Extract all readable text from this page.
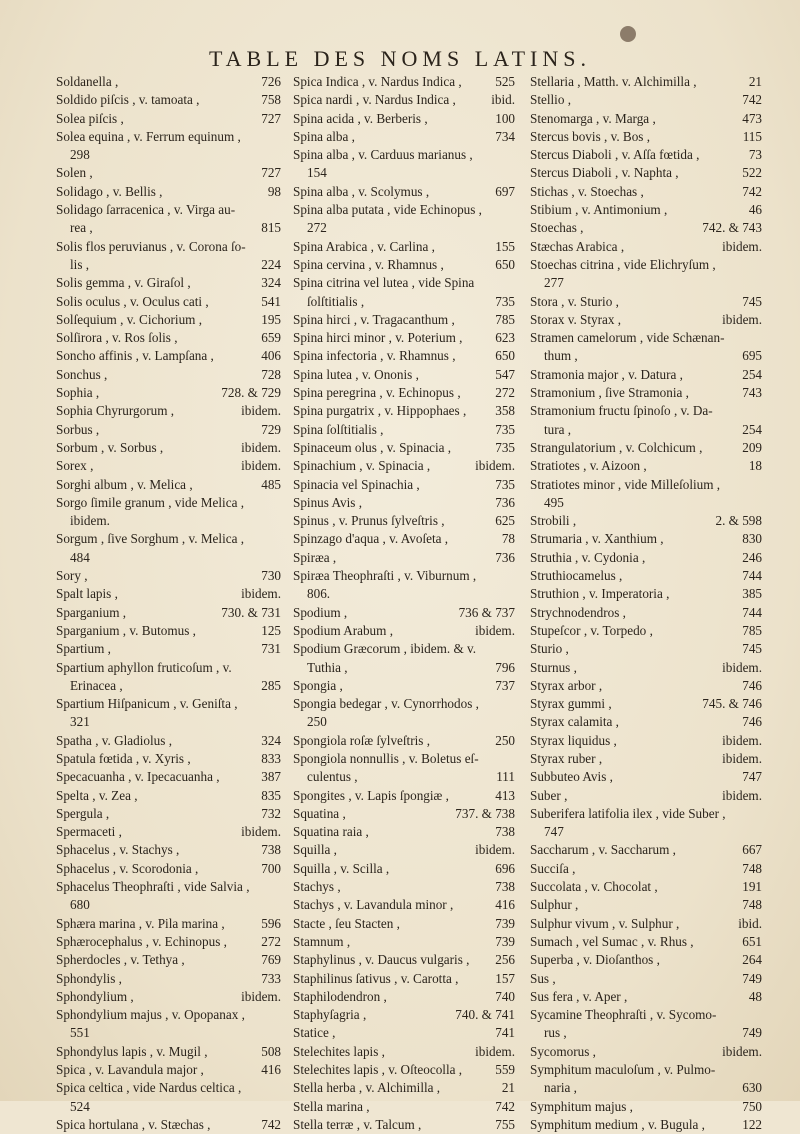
TABLE DES NOMS LATINS.
726
Soldanella ,
758
Soldido piſcis , v. tamoata ,
727
Solea piſcis ,
Solea equina , v. Ferrum equinum ,
298
727
Solen ,
98
Solidago , v. Bellis ,
Solidago ſarracenica , v. Virga au-
815
rea ,
Solis flos peruvianus , v. Corona ſo-
224
lis ,
324
Solis gemma , v. Giraſol ,
541
Solis oculus , v. Oculus cati ,
195
Solſequium , v. Cichorium ,
659
Solſirora , v. Ros ſolis ,
406
Soncho affinis , v. Lampſana ,
728
Sonchus ,
728. & 729
Sophia ,
ibidem.
Sophia Chyrurgorum ,
729
Sorbus ,
ibidem.
Sorbum , v. Sorbus ,
ibidem.
Sorex ,
485
Sorghi album , v. Melica ,
Sorgo ſimile granum , vide Melica ,
ibidem.
Sorgum , ſive Sorghum , v. Melica ,
484
730
Sory ,
ibidem.
Spalt lapis ,
730. & 731
Sparganium ,
125
Sparganium , v. Butomus ,
731
Spartium ,
Spartium aphyllon fruticoſum , v.
285
Erinacea ,
Spartium Hiſpanicum , v. Geniſta ,
321
324
Spatha , v. Gladiolus ,
833
Spatula fœtida , v. Xyris ,
387
Specacuanha , v. Ipecacuanha ,
835
Spelta , v. Zea ,
732
Spergula ,
ibidem.
Spermaceti ,
738
Sphacelus , v. Stachys ,
700
Sphacelus , v. Scorodonia ,
Sphacelus Theophraſti , vide Salvia ,
680
596
Sphæra marina , v. Pila marina ,
272
Sphærocephalus , v. Echinopus ,
769
Spherdocles , v. Tethya ,
733
Sphondylis ,
ibidem.
Sphondylium ,
Sphondylium majus , v. Opopanax ,
551
508
Sphondylus lapis , v. Mugil ,
416
Spica , v. Lavandula major ,
Spica celtica , vide Nardus celtica ,
524
742
Spica hortulana , v. Stæchas ,
525
Spica Indica , v. Nardus Indica ,
ibid.
Spica nardi , v. Nardus Indica ,
100
Spina acida , v. Berberis ,
734
Spina alba ,
Spina alba , v. Carduus marianus ,
154
697
Spina alba , v. Scolymus ,
Spina alba putata , vide Echinopus ,
272
155
Spina Arabica , v. Carlina ,
650
Spina cervina , v. Rhamnus ,
Spina citrina vel lutea , vide Spina
735
ſolſtitialis ,
785
Spina hirci , v. Tragacanthum ,
623
Spina hirci minor , v. Poterium ,
650
Spina infectoria , v. Rhamnus ,
547
Spina lutea , v. Ononis ,
272
Spina peregrina , v. Echinopus ,
358
Spina purgatrix , v. Hippophaes ,
735
Spina ſolſtitialis ,
735
Spinaceum olus , v. Spinacia ,
ibidem.
Spinachium , v. Spinacia ,
735
Spinacia vel Spinachia ,
736
Spinus Avis ,
625
Spinus , v. Prunus ſylveſtris ,
78
Spinzago d'aqua , v. Avoſeta ,
736
Spiræa ,
Spiræa Theophraſti , v. Viburnum ,
806.
736 & 737
Spodium ,
ibidem.
Spodium Arabum ,
Spodium Græcorum , ibidem. & v.
796
Tuthia ,
737
Spongia ,
Spongia bedegar , v. Cynorrhodos ,
250
250
Spongiola roſæ ſylveſtris ,
Spongiola nonnullis , v. Boletus eſ-
111
culentus ,
413
Spongites , v. Lapis ſpongiæ ,
737. & 738
Squatina ,
738
Squatina raia ,
ibidem.
Squilla ,
696
Squilla , v. Scilla ,
738
Stachys ,
416
Stachys , v. Lavandula minor ,
739
Stacte , ſeu Stacten ,
739
Stamnum ,
256
Staphylinus , v. Daucus vulgaris ,
157
Staphilinus ſativus , v. Carotta ,
740
Staphilodendron ,
740. & 741
Staphyſagria ,
741
Statice ,
ibidem.
Stelechites lapis ,
559
Stelechites lapis , v. Oſteocolla ,
21
Stella herba , v. Alchimilla ,
742
Stella marina ,
755
Stella terræ , v. Talcum ,
21
Stellaria , Matth. v. Alchimilla ,
742
Stellio ,
473
Stenomarga , v. Marga ,
115
Stercus bovis , v. Bos ,
73
Stercus Diaboli , v. Aſſa fœtida ,
522
Stercus Diaboli , v. Naphta ,
742
Stichas , v. Stoechas ,
46
Stibium , v. Antimonium ,
742. & 743
Stoechas ,
ibidem.
Stæchas Arabica ,
Stoechas citrina , vide Elichryſum ,
277
745
Stora , v. Sturio ,
ibidem.
Storax v. Styrax ,
Stramen camelorum , vide Schænan-
695
thum ,
254
Stramonia major , v. Datura ,
743
Stramonium , ſive Stramonia ,
Stramonium fructu ſpinoſo , v. Da-
254
tura ,
209
Strangulatorium , v. Colchicum ,
18
Stratiotes , v. Aizoon ,
Stratiotes minor , vide Milleſolium ,
495
2. & 598
Strobili ,
830
Strumaria , v. Xanthium ,
246
Struthia , v. Cydonia ,
744
Struthiocamelus ,
385
Struthion , v. Imperatoria ,
744
Strychnodendros ,
785
Stupeſcor , v. Torpedo ,
745
Sturio ,
ibidem.
Sturnus ,
746
Styrax arbor ,
745. & 746
Styrax gummi ,
746
Styrax calamita ,
ibidem.
Styrax liquidus ,
ibidem.
Styrax ruber ,
747
Subbuteo Avis ,
ibidem.
Suber ,
Suberifera latifolia ilex , vide Suber ,
747
667
Saccharum , v. Saccharum ,
748
Succiſa ,
191
Succolata , v. Chocolat ,
748
Sulphur ,
ibid.
Sulphur vivum , v. Sulphur ,
651
Sumach , vel Sumac , v. Rhus ,
264
Superba , v. Dioſanthos ,
749
Sus ,
48
Sus fera , v. Aper ,
Sycamine Theophraſti , v. Sycomo-
749
rus ,
ibidem.
Sycomorus ,
Symphitum maculoſum , v. Pulmo-
630
naria ,
750
Symphitum majus ,
122
Symphitum medium , v. Bugula ,
